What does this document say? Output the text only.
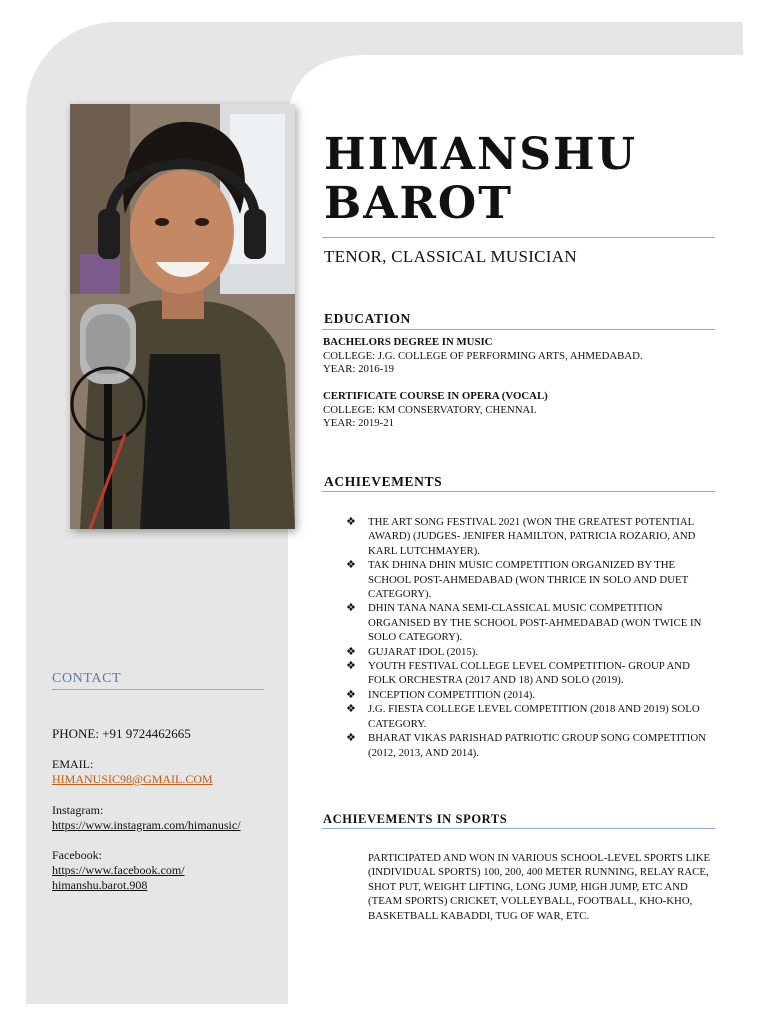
HIMANSHU
BAROT
TENOR, CLASSICAL MUSICIAN
EDUCATION
BACHELORS DEGREE IN MUSIC
COLLEGE: J.G. COLLEGE OF PERFORMING ARTS, AHMEDABAD.
YEAR: 2016-19
CERTIFICATE COURSE IN OPERA (VOCAL)
COLLEGE: KM CONSERVATORY, CHENNAI.
YEAR: 2019-21
ACHIEVEMENTS
❖ THE ART SONG FESTIVAL 2021 (WON THE GREATEST POTENTIAL AWARD) (JUDGES- JENIFER HAMILTON, PATRICIA ROZARIO, AND KARL LUTCHMAYER).
❖ TAK DHINA DHIN MUSIC COMPETITION ORGANIZED BY THE SCHOOL POST-AHMEDABAD (WON THRICE IN SOLO AND DUET CATEGORY).
❖ DHIN TANA NANA SEMI-CLASSICAL MUSIC COMPETITION ORGANISED BY THE SCHOOL POST-AHMEDABAD (WON TWICE IN SOLO CATEGORY).
❖ GUJARAT IDOL (2015).
❖ YOUTH FESTIVAL COLLEGE LEVEL COMPETITION- GROUP AND FOLK ORCHESTRA (2017 AND 18) AND SOLO (2019).
❖ INCEPTION COMPETITION (2014).
❖ J.G. FIESTA COLLEGE LEVEL COMPETITION (2018 AND 2019) SOLO CATEGORY.
❖ BHARAT VIKAS PARISHAD PATRIOTIC GROUP SONG COMPETITION (2012, 2013, AND 2014).
ACHIEVEMENTS IN SPORTS
PARTICIPATED AND WON IN VARIOUS SCHOOL-LEVEL SPORTS LIKE
(INDIVIDUAL SPORTS) 100, 200, 400 METER RUNNING, RELAY RACE, SHOT PUT, WEIGHT LIFTING, LONG JUMP, HIGH JUMP, ETC AND (TEAM SPORTS) CRICKET, VOLLEYBALL, FOOTBALL, KHO-KHO, BASKETBALL KABADDI, TUG OF WAR, ETC.
CONTACT
PHONE: +91 9724462665
EMAIL:
HIMANUSIC98@GMAIL.COM
Instagram:
https://www.instagram.com/himanusic/
Facebook:
https://www.facebook.com/
himanshu.barot.908
